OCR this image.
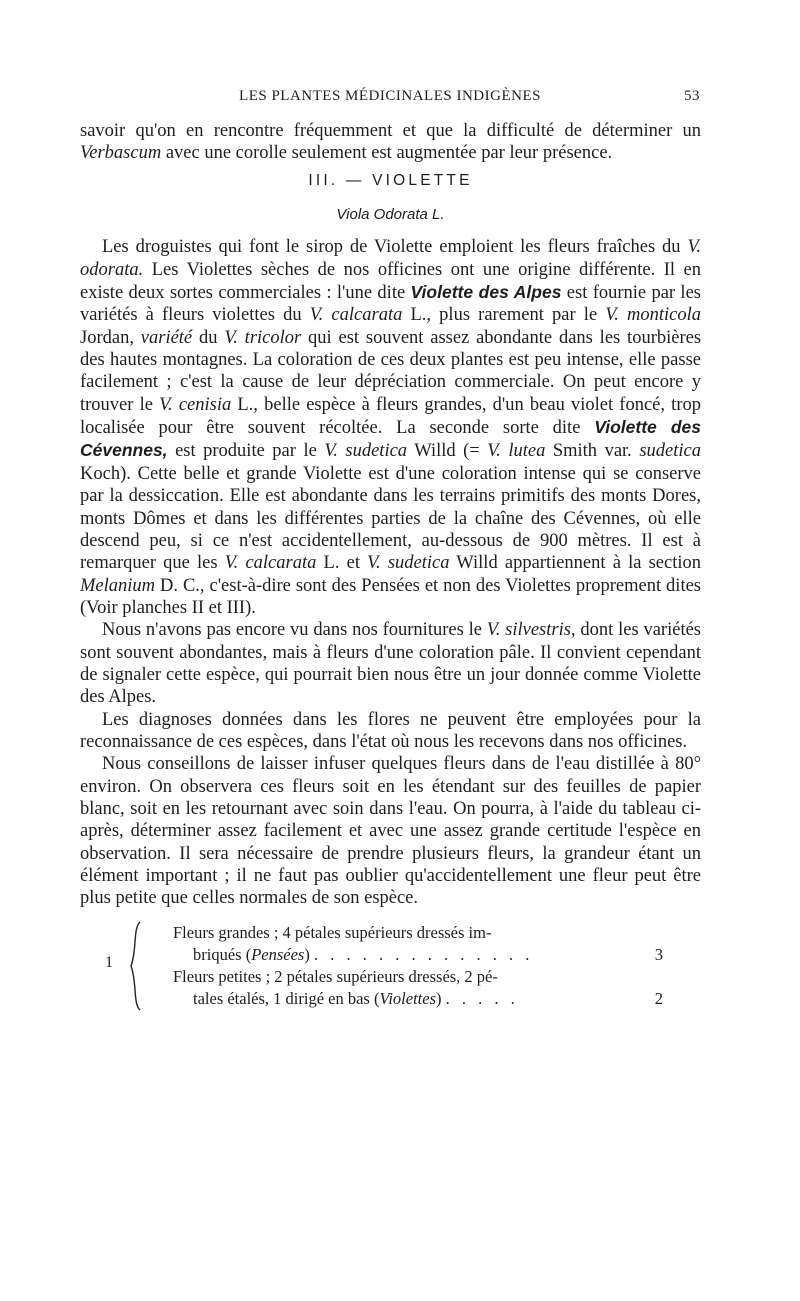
LES PLANTES MÉDICINALES INDIGÈNES	53

savoir qu'on en rencontre fréquemment et que la difficulté de déterminer un Verbascum avec une corolle seulement est augmentée par leur présence.

III. — VIOLETTE
Viola Odorata L.

Les droguistes qui font le sirop de Violette emploient les fleurs fraîches du V. odorata. Les Violettes sèches de nos officines ont une origine différente. Il en existe deux sortes commerciales : l'une dite Violette des Alpes est fournie par les variétés à fleurs violettes du V. calcarata L., plus rarement par le V. monticola Jordan, variété du V. tricolor qui est souvent assez abondante dans les tourbières des hautes montagnes. La coloration de ces deux plantes est peu intense, elle passe facilement ; c'est la cause de leur dépréciation commerciale. On peut encore y trouver le V. cenisia L., belle espèce à fleurs grandes, d'un beau violet foncé, trop localisée pour être souvent récoltée. La seconde sorte dite Violette des Cévennes, est produite par le V. sudetica Willd (= V. lutea Smith var. sudetica Koch). Cette belle et grande Violette est d'une coloration intense qui se conserve par la dessiccation. Elle est abondante dans les terrains primitifs des monts Dores, monts Dômes et dans les différentes parties de la chaîne des Cévennes, où elle descend peu, si ce n'est accidentellement, au-dessous de 900 mètres. Il est à remarquer que les V. calcarata L. et V. sudetica Willd appartiennent à la section Melanium D. C., c'est-à-dire sont des Pensées et non des Violettes proprement dites (Voir planches II et III).

Nous n'avons pas encore vu dans nos fournitures le V. silvestris, dont les variétés sont souvent abondantes, mais à fleurs d'une coloration pâle. Il convient cependant de signaler cette espèce, qui pourrait bien nous être un jour donnée comme Violette des Alpes.

Les diagnoses données dans les flores ne peuvent être employées pour la reconnaissance de ces espèces, dans l'état où nous les recevons dans nos officines.

Nous conseillons de laisser infuser quelques fleurs dans de l'eau distillée à 80° environ. On observera ces fleurs soit en les étendant sur des feuilles de papier blanc, soit en les retournant avec soin dans l'eau. On pourra, à l'aide du tableau ci-après, déterminer assez facilement et avec une assez grande certitude l'espèce en observation. Il sera nécessaire de prendre plusieurs fleurs, la grandeur étant un élément important ; il ne faut pas oublier qu'accidentellement une fleur peut être plus petite que celles normales de son espèce.

1
Fleurs grandes ; 4 pétales supérieurs dressés im-
briqués (Pensées) . . . . . . . . . . . . . .	3
Fleurs petites ; 2 pétales supérieurs dressés, 2 pé-
tales étalés, 1 dirigé en bas (Violettes) . . . . .	2
